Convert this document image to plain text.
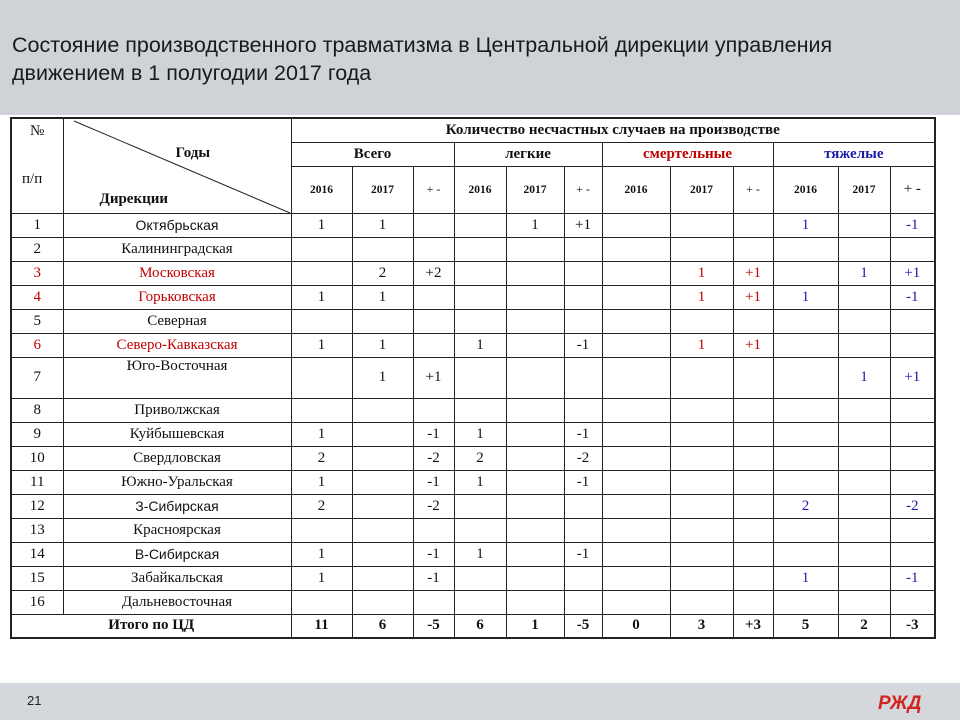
Состояние производственного травматизма в Центральной дирекции управления движением в 1 полугодии 2017 года
№
п/п	Годы
Дирекции	Количество несчастных случаев на производстве											
		Всего			легкие			смертельные			тяжелые		
		2016	2017	+ -	2016	2017	+ -	2016	2017	+ -	2016	2017	+ -
1	Октябрьская	1	1			1	+1				1		-1
2	Калининградская												
3	Московская		2	+2					1	+1		1	+1
4	Горьковская	1	1						1	+1	1		-1
5	Северная												
6	Северо-Кавказская	1	1		1		-1		1	+1			
7	Юго-Восточная		1	+1								1	+1
8	Приволжская												
9	Куйбышевская	1		-1	1		-1						
10	Свердловская	2		-2	2		-2						
11	Южно-Уральская	1		-1	1		-1						
12	З-Сибирская	2		-2							2		-2
13	Красноярская												
14	В-Сибирская	1		-1	1		-1						
15	Забайкальская	1		-1							1		-1
16	Дальневосточная												
Итого по ЦД		11	6	-5	6	1	-5	0	3	+3	5	2	-3
21	РЖД
